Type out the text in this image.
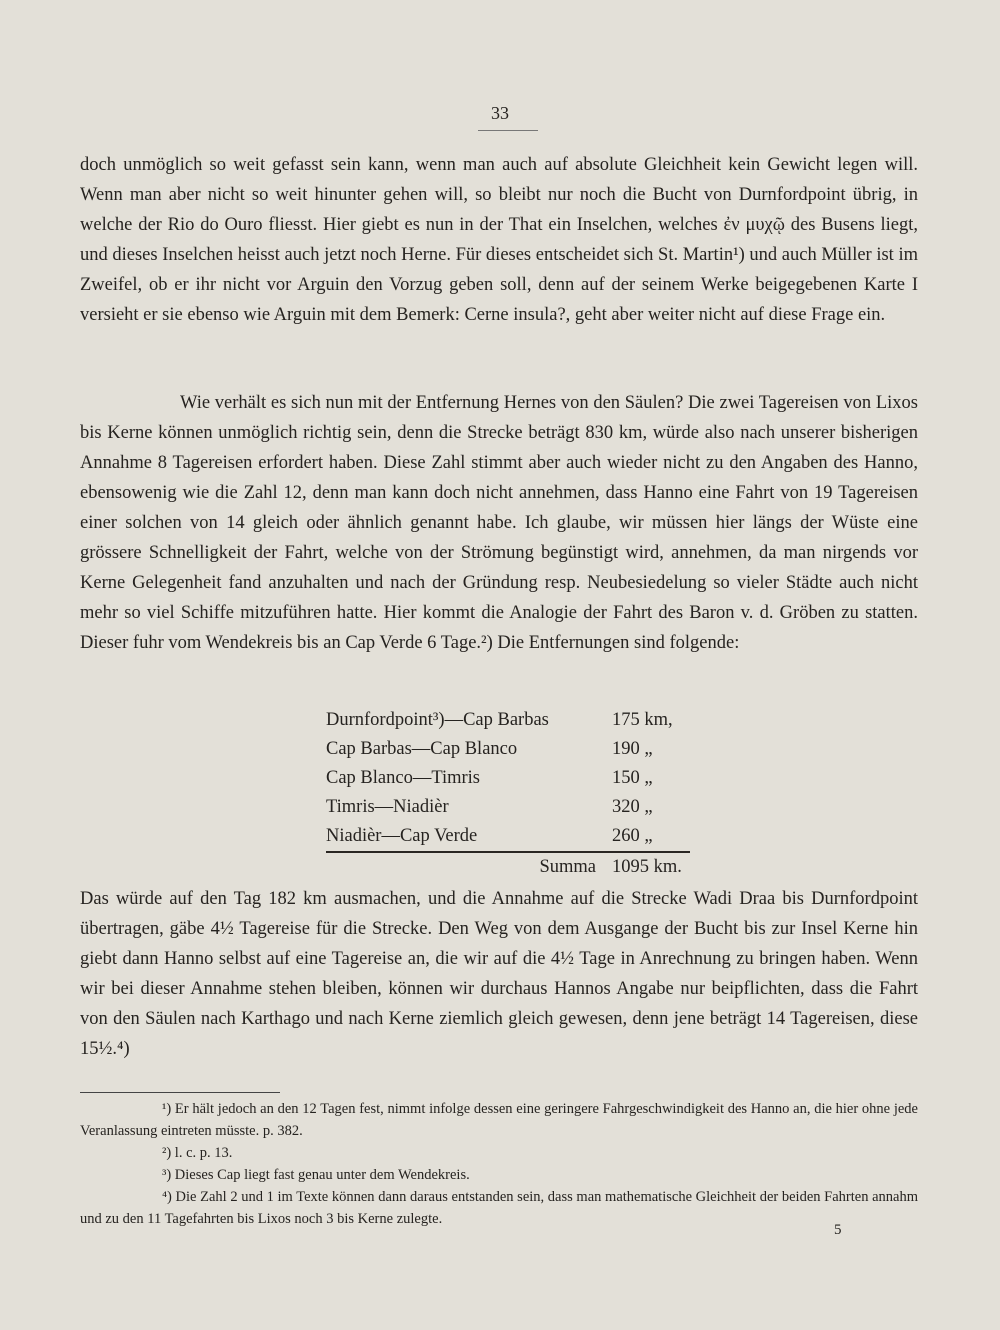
33

doch unmöglich so weit gefasst sein kann, wenn man auch auf absolute Gleichheit kein Gewicht legen will. Wenn man aber nicht so weit hinunter gehen will, so bleibt nur noch die Bucht von Durnfordpoint übrig, in welche der Rio do Ouro fliesst. Hier giebt es nun in der That ein Inselchen, welches ἐν μυχῷ des Busens liegt, und dieses Inselchen heisst auch jetzt noch Herne. Für dieses entscheidet sich St. Martin¹) und auch Müller ist im Zweifel, ob er ihr nicht vor Arguin den Vorzug geben soll, denn auf der seinem Werke beigegebenen Karte I versieht er sie ebenso wie Arguin mit dem Bemerk: Cerne insula?, geht aber weiter nicht auf diese Frage ein.

Wie verhält es sich nun mit der Entfernung Hernes von den Säulen? Die zwei Tagereisen von Lixos bis Kerne können unmöglich richtig sein, denn die Strecke beträgt 830 km, würde also nach unserer bisherigen Annahme 8 Tagereisen erfordert haben. Diese Zahl stimmt aber auch wieder nicht zu den Angaben des Hanno, ebensowenig wie die Zahl 12, denn man kann doch nicht annehmen, dass Hanno eine Fahrt von 19 Tagereisen einer solchen von 14 gleich oder ähnlich genannt habe. Ich glaube, wir müssen hier längs der Wüste eine grössere Schnelligkeit der Fahrt, welche von der Strömung begünstigt wird, annehmen, da man nirgends vor Kerne Gelegenheit fand anzuhalten und nach der Gründung resp. Neubesiedelung so vieler Städte auch nicht mehr so viel Schiffe mitzuführen hatte. Hier kommt die Analogie der Fahrt des Baron v. d. Gröben zu statten. Dieser fuhr vom Wendekreis bis an Cap Verde 6 Tage.²) Die Entfernungen sind folgende:

Durnfordpoint³)—Cap Barbas	175 km,
Cap Barbas—Cap Blanco	190 „
Cap Blanco—Timris	150 „
Timris—Niadièr	320 „
Niadièr—Cap Verde	260 „
Summa	1095 km.

Das würde auf den Tag 182 km ausmachen, und die Annahme auf die Strecke Wadi Draa bis Durnfordpoint übertragen, gäbe 4½ Tagereise für die Strecke. Den Weg von dem Ausgange der Bucht bis zur Insel Kerne hin giebt dann Hanno selbst auf eine Tagereise an, die wir auf die 4½ Tage in Anrechnung zu bringen haben. Wenn wir bei dieser Annahme stehen bleiben, können wir durchaus Hannos Angabe nur beipflichten, dass die Fahrt von den Säulen nach Karthago und nach Kerne ziemlich gleich gewesen, denn jene beträgt 14 Tagereisen, diese 15½.⁴)

¹) Er hält jedoch an den 12 Tagen fest, nimmt infolge dessen eine geringere Fahrgeschwindigkeit des Hanno an, die hier ohne jede Veranlassung eintreten müsste. p. 382.

²) l. c. p. 13.

³) Dieses Cap liegt fast genau unter dem Wendekreis.

⁴) Die Zahl 2 und 1 im Texte können dann daraus entstanden sein, dass man mathematische Gleichheit der beiden Fahrten annahm und zu den 11 Tagefahrten bis Lixos noch 3 bis Kerne zulegte.

5
